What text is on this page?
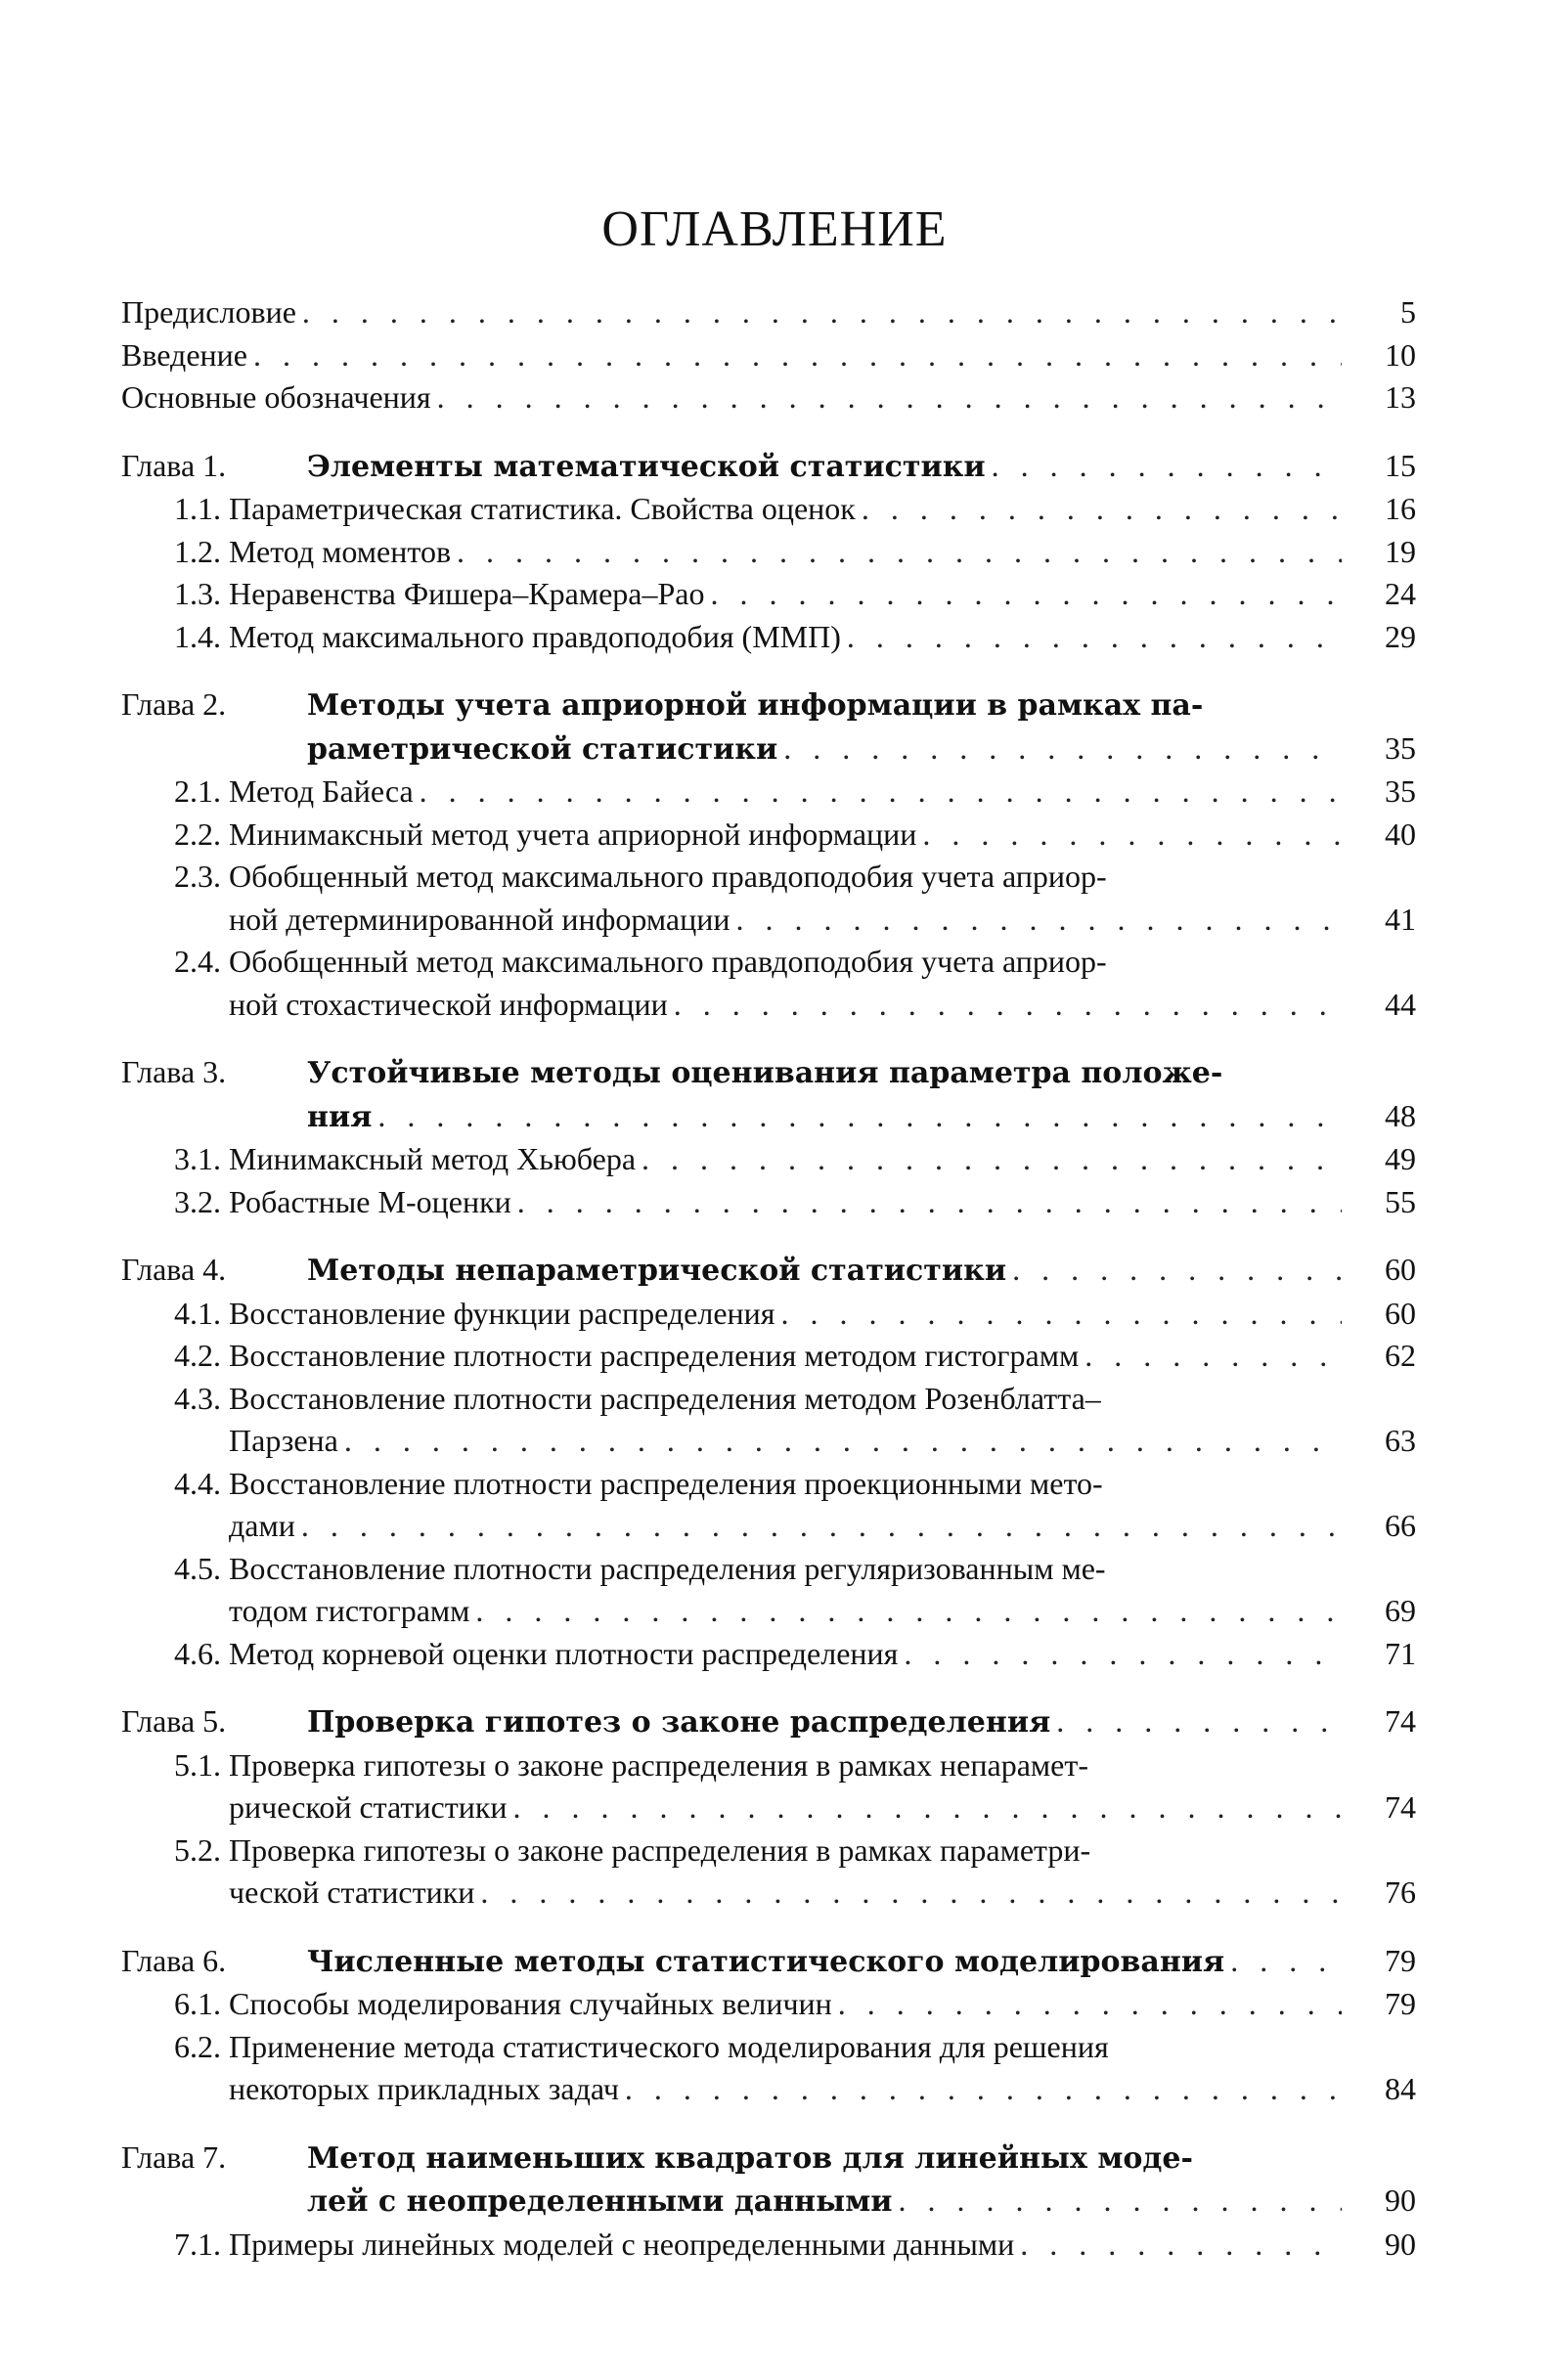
ОГЛАВЛЕНИЕ
Предисловие . . .	5
Введение . . .	10
Основные обозначения . . .	13
Глава 1.	Элементы математической статистики . . .	15
1.1. Параметрическая статистика. Свойства оценок . . .	16
1.2. Метод моментов . . .	19
1.3. Неравенства Фишера–Крамера–Рао . . .	24
1.4. Метод максимального правдоподобия (ММП) . . .	29
Глава 2.	Методы учета априорной информации в рамках па-
раметрической статистики . . .	35
2.1. Метод Байеса . . .	35
2.2. Минимаксный метод учета априорной информации . . .	40
2.3. Обобщенный метод максимального правдоподобия учета априор-
ной детерминированной информации . . .	41
2.4. Обобщенный метод максимального правдоподобия учета априор-
ной стохастической информации . . .	44
Глава 3.	Устойчивые методы оценивания параметра положе-
ния . . .	48
3.1. Минимаксный метод Хьюбера . . .	49
3.2. Робастные М-оценки . . .	55
Глава 4.	Методы непараметрической статистики . . .	60
4.1. Восстановление функции распределения . . .	60
4.2. Восстановление плотности распределения методом гистограмм . . .	62
4.3. Восстановление плотности распределения методом Розенблатта–
Парзена . . .	63
4.4. Восстановление плотности распределения проекционными мето-
дами . . .	66
4.5. Восстановление плотности распределения регуляризованным ме-
тодом гистограмм . . .	69
4.6. Метод корневой оценки плотности распределения . . .	71
Глава 5.	Проверка гипотез о законе распределения . . .	74
5.1. Проверка гипотезы о законе распределения в рамках непарамет-
рической статистики . . .	74
5.2. Проверка гипотезы о законе распределения в рамках параметри-
ческой статистики . . .	76
Глава 6.	Численные методы статистического моделирования . . .	79
6.1. Способы моделирования случайных величин . . .	79
6.2. Применение метода статистического моделирования для решения
некоторых прикладных задач . . .	84
Глава 7.	Метод наименьших квадратов для линейных моде-
лей с неопределенными данными . . .	90
7.1. Примеры линейных моделей с неопределенными данными . . .	90
